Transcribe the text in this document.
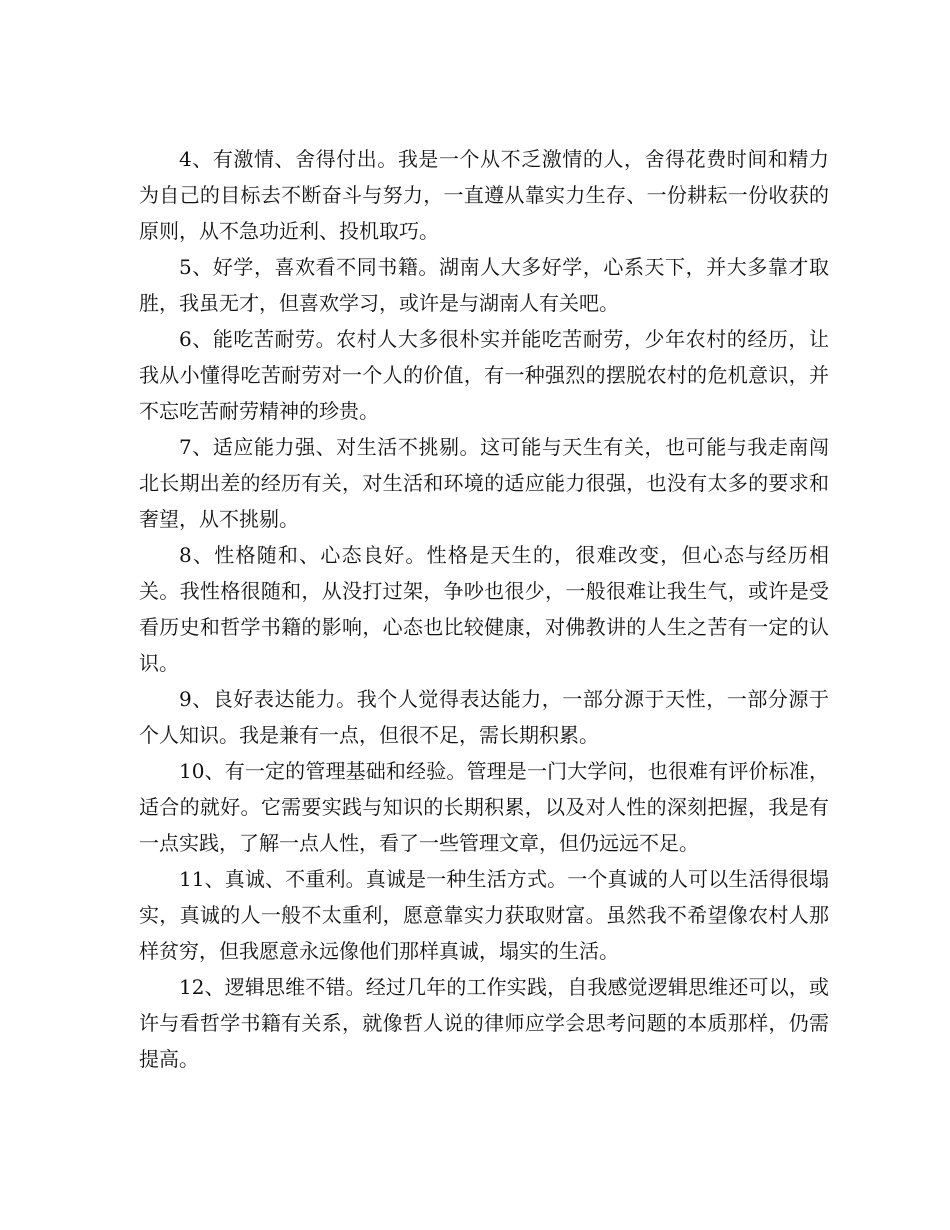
4、有激情、舍得付出。我是一个从不乏激情的人，舍得花费时间和精力为自己的目标去不断奋斗与努力，一直遵从靠实力生存、一份耕耘一份收获的原则，从不急功近利、投机取巧。

5、好学，喜欢看不同书籍。湖南人大多好学，心系天下，并大多靠才取胜，我虽无才，但喜欢学习，或许是与湖南人有关吧。

6、能吃苦耐劳。农村人大多很朴实并能吃苦耐劳，少年农村的经历，让我从小懂得吃苦耐劳对一个人的价值，有一种强烈的摆脱农村的危机意识，并不忘吃苦耐劳精神的珍贵。

7、适应能力强、对生活不挑剔。这可能与天生有关，也可能与我走南闯北长期出差的经历有关，对生活和环境的适应能力很强，也没有太多的要求和奢望，从不挑剔。

8、性格随和、心态良好。性格是天生的，很难改变，但心态与经历相关。我性格很随和，从没打过架，争吵也很少，一般很难让我生气，或许是受看历史和哲学书籍的影响，心态也比较健康，对佛教讲的人生之苦有一定的认识。

9、良好表达能力。我个人觉得表达能力，一部分源于天性，一部分源于个人知识。我是兼有一点，但很不足，需长期积累。

10、有一定的管理基础和经验。管理是一门大学问，也很难有评价标准，适合的就好。它需要实践与知识的长期积累，以及对人性的深刻把握，我是有一点实践，了解一点人性，看了一些管理文章，但仍远远不足。

11、真诚、不重利。真诚是一种生活方式。一个真诚的人可以生活得很塌实，真诚的人一般不太重利，愿意靠实力获取财富。虽然我不希望像农村人那样贫穷，但我愿意永远像他们那样真诚，塌实的生活。

12、逻辑思维不错。经过几年的工作实践，自我感觉逻辑思维还可以，或许与看哲学书籍有关系，就像哲人说的律师应学会思考问题的本质那样，仍需提高。
